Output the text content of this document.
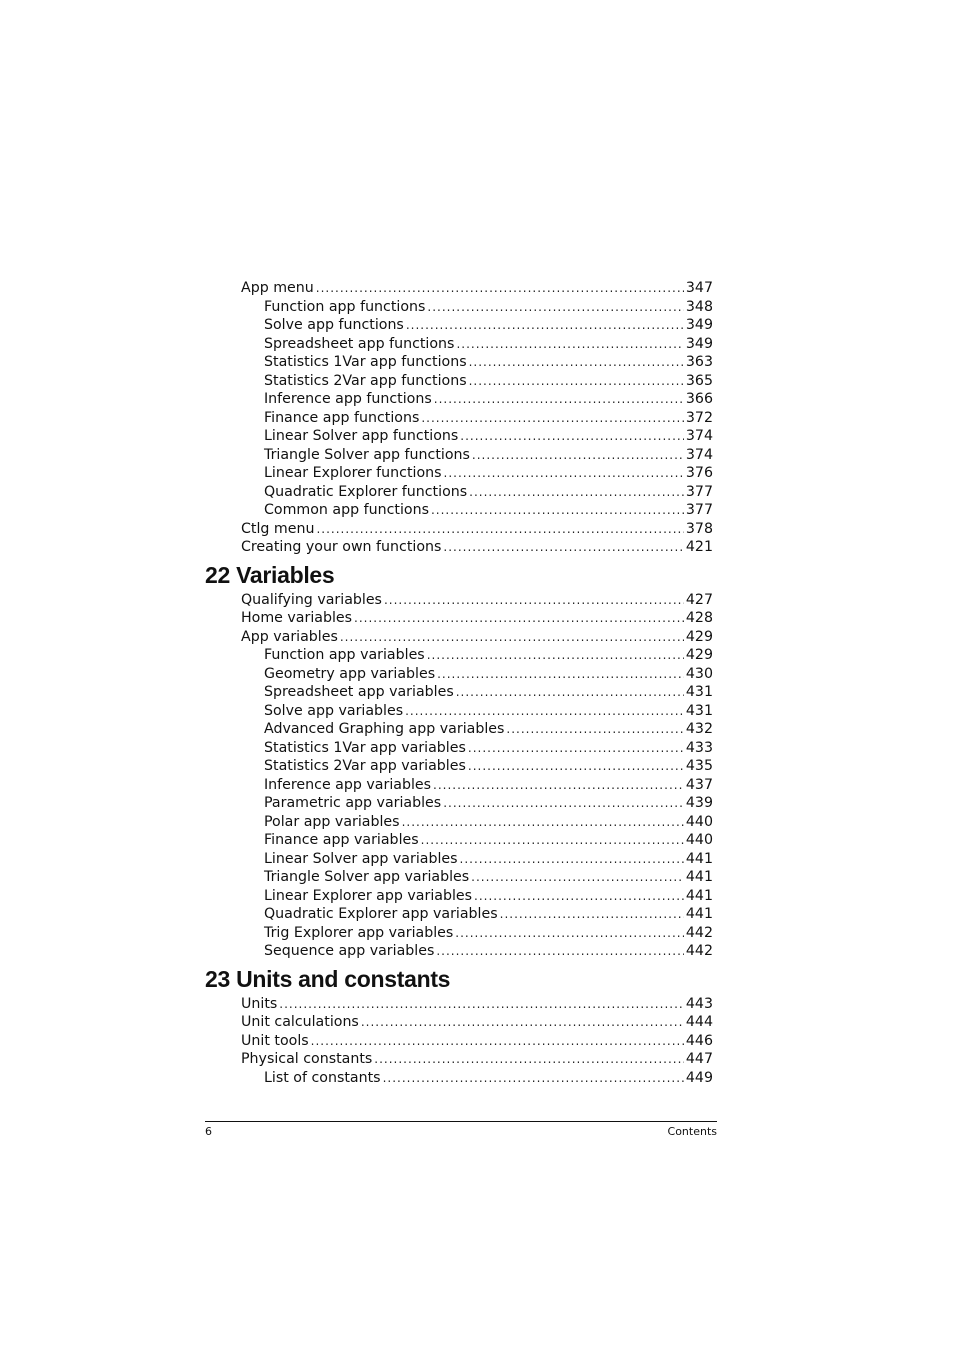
App menu .....	347
Function app functions .....	348
Solve app functions .....	349
Spreadsheet app functions .....	349
Statistics 1Var app functions .....	363
Statistics 2Var app functions .....	365
Inference app functions .....	366
Finance app functions .....	372
Linear Solver app functions .....	374
Triangle Solver app functions .....	374
Linear Explorer functions .....	376
Quadratic Explorer functions .....	377
Common app functions .....	377
Ctlg menu .....	378
Creating your own functions .....	421
22 Variables
Qualifying variables .....	427
Home variables .....	428
App variables .....	429
Function app variables .....	429
Geometry app variables .....	430
Spreadsheet app variables .....	431
Solve app variables .....	431
Advanced Graphing app variables .....	432
Statistics 1Var app variables .....	433
Statistics 2Var app variables .....	435
Inference app variables .....	437
Parametric app variables .....	439
Polar app variables .....	440
Finance app variables .....	440
Linear Solver app variables .....	441
Triangle Solver app variables .....	441
Linear Explorer app variables .....	441
Quadratic Explorer app variables .....	441
Trig Explorer app variables .....	442
Sequence app variables .....	442
23 Units and constants
Units .....	443
Unit calculations .....	444
Unit tools .....	446
Physical constants .....	447
List of constants .....	449
6	Contents
